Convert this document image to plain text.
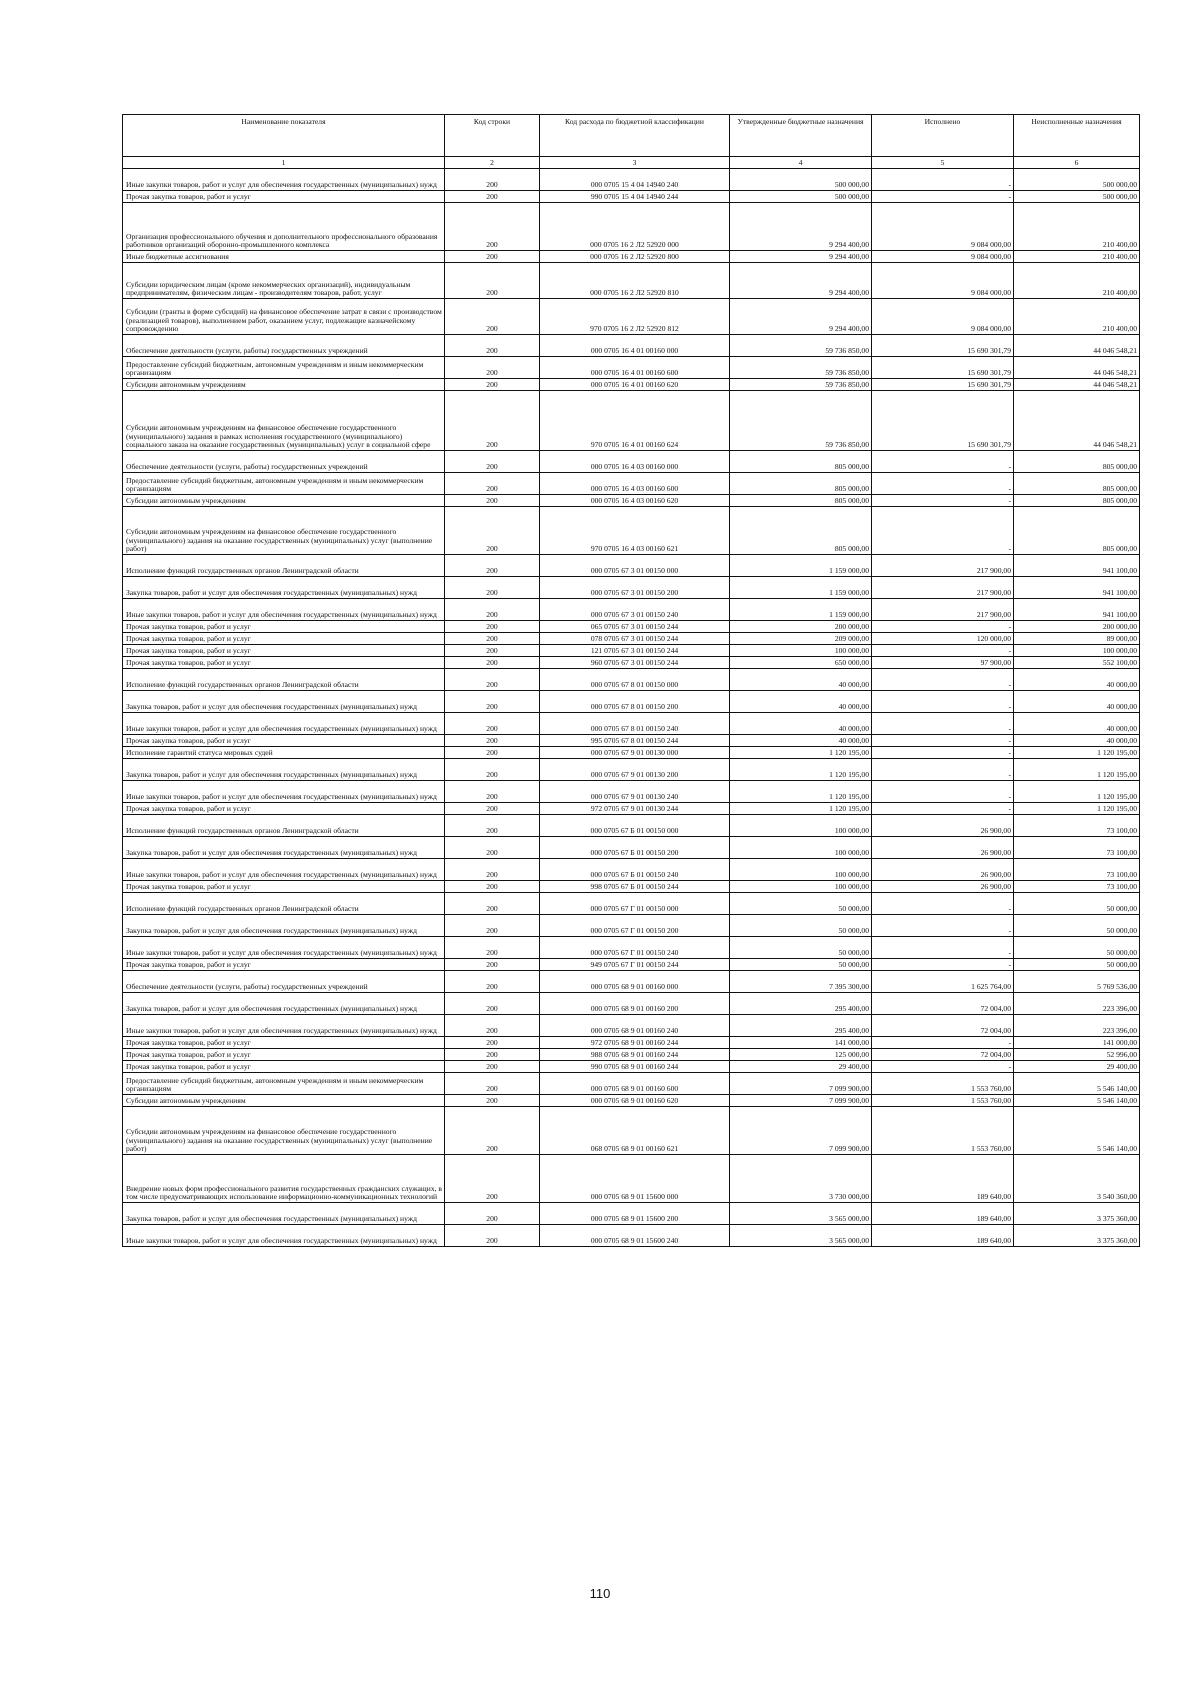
Наименование показателя	Код строки	Код расхода по бюджетной классификации	Утвержденные бюджетные назначения	Исполнено	Неисполненные назначения
1	2	3	4	5	6
Иные закупки товаров, работ и услуг для обеспечения государственных (муниципальных) нужд	200	000 0705 15 4 04 14940 240	500 000,00	-	500 000,00
Прочая закупка товаров, работ и услуг	200	990 0705 15 4 04 14940 244	500 000,00	-	500 000,00
Организация профессионального обучения и дополнительного профессионального образования работников организаций оборонно-промышленного комплекса	200	000 0705 16 2 Л2 52920 000	9 294 400,00	9 084 000,00	210 400,00
Иные бюджетные ассигнования	200	000 0705 16 2 Л2 52920 800	9 294 400,00	9 084 000,00	210 400,00
Субсидии юридическим лицам (кроме некоммерческих организаций), индивидуальным предпринимателям, физическим лицам - производителям товаров, работ, услуг	200	000 0705 16 2 Л2 52920 810	9 294 400,00	9 084 000,00	210 400,00
Субсидии (гранты в форме субсидий) на финансовое обеспечение затрат в связи с производством (реализацией товаров), выполнением работ, оказанием услуг, подлежащие казначейскому сопровождению	200	970 0705 16 2 Л2 52920 812	9 294 400,00	9 084 000,00	210 400,00
Обеспечение деятельности (услуги, работы) государственных учреждений	200	000 0705 16 4 01 00160 000	59 736 850,00	15 690 301,79	44 046 548,21
Предоставление субсидий бюджетным, автономным учреждениям и иным некоммерческим организациям	200	000 0705 16 4 01 00160 600	59 736 850,00	15 690 301,79	44 046 548,21
Субсидии автономным учреждениям	200	000 0705 16 4 01 00160 620	59 736 850,00	15 690 301,79	44 046 548,21
Субсидии автономным учреждениям на финансовое обеспечение государственного (муниципального) задания в рамках исполнения государственного (муниципального) социального заказа на оказание государственных (муниципальных) услуг в социальной сфере	200	970 0705 16 4 01 00160 624	59 736 850,00	15 690 301,79	44 046 548,21
Обеспечение деятельности (услуги, работы) государственных учреждений	200	000 0705 16 4 03 00160 000	805 000,00	-	805 000,00
Предоставление субсидий бюджетным, автономным учреждениям и иным некоммерческим организациям	200	000 0705 16 4 03 00160 600	805 000,00	-	805 000,00
Субсидии автономным учреждениям	200	000 0705 16 4 03 00160 620	805 000,00	-	805 000,00
Субсидии автономным учреждениям на финансовое обеспечение государственного (муниципального) задания на оказание государственных (муниципальных) услуг (выполнение работ)	200	970 0705 16 4 03 00160 621	805 000,00	-	805 000,00
Исполнение функций государственных органов Ленинградской области	200	000 0705 67 3 01 00150 000	1 159 000,00	217 900,00	941 100,00
Закупка товаров, работ и услуг для обеспечения государственных (муниципальных) нужд	200	000 0705 67 3 01 00150 200	1 159 000,00	217 900,00	941 100,00
Иные закупки товаров, работ и услуг для обеспечения государственных (муниципальных) нужд	200	000 0705 67 3 01 00150 240	1 159 000,00	217 900,00	941 100,00
Прочая закупка товаров, работ и услуг	200	065 0705 67 3 01 00150 244	200 000,00	-	200 000,00
Прочая закупка товаров, работ и услуг	200	078 0705 67 3 01 00150 244	209 000,00	120 000,00	89 000,00
Прочая закупка товаров, работ и услуг	200	121 0705 67 3 01 00150 244	100 000,00	-	100 000,00
Прочая закупка товаров, работ и услуг	200	960 0705 67 3 01 00150 244	650 000,00	97 900,00	552 100,00
Исполнение функций государственных органов Ленинградской области	200	000 0705 67 8 01 00150 000	40 000,00	-	40 000,00
Закупка товаров, работ и услуг для обеспечения государственных (муниципальных) нужд	200	000 0705 67 8 01 00150 200	40 000,00	-	40 000,00
Иные закупки товаров, работ и услуг для обеспечения государственных (муниципальных) нужд	200	000 0705 67 8 01 00150 240	40 000,00	-	40 000,00
Прочая закупка товаров, работ и услуг	200	995 0705 67 8 01 00150 244	40 000,00	-	40 000,00
Исполнение гарантий статуса мировых судей	200	000 0705 67 9 01 00130 000	1 120 195,00	-	1 120 195,00
Закупка товаров, работ и услуг для обеспечения государственных (муниципальных) нужд	200	000 0705 67 9 01 00130 200	1 120 195,00	-	1 120 195,00
Иные закупки товаров, работ и услуг для обеспечения государственных (муниципальных) нужд	200	000 0705 67 9 01 00130 240	1 120 195,00	-	1 120 195,00
Прочая закупка товаров, работ и услуг	200	972 0705 67 9 01 00130 244	1 120 195,00	-	1 120 195,00
Исполнение функций государственных органов Ленинградской области	200	000 0705 67 Б 01 00150 000	100 000,00	26 900,00	73 100,00
Закупка товаров, работ и услуг для обеспечения государственных (муниципальных) нужд	200	000 0705 67 Б 01 00150 200	100 000,00	26 900,00	73 100,00
Иные закупки товаров, работ и услуг для обеспечения государственных (муниципальных) нужд	200	000 0705 67 Б 01 00150 240	100 000,00	26 900,00	73 100,00
Прочая закупка товаров, работ и услуг	200	998 0705 67 Б 01 00150 244	100 000,00	26 900,00	73 100,00
Исполнение функций государственных органов Ленинградской области	200	000 0705 67 Г 01 00150 000	50 000,00	-	50 000,00
Закупка товаров, работ и услуг для обеспечения государственных (муниципальных) нужд	200	000 0705 67 Г 01 00150 200	50 000,00	-	50 000,00
Иные закупки товаров, работ и услуг для обеспечения государственных (муниципальных) нужд	200	000 0705 67 Г 01 00150 240	50 000,00	-	50 000,00
Прочая закупка товаров, работ и услуг	200	949 0705 67 Г 01 00150 244	50 000,00	-	50 000,00
Обеспечение деятельности (услуги, работы) государственных учреждений	200	000 0705 68 9 01 00160 000	7 395 300,00	1 625 764,00	5 769 536,00
Закупка товаров, работ и услуг для обеспечения государственных (муниципальных) нужд	200	000 0705 68 9 01 00160 200	295 400,00	72 004,00	223 396,00
Иные закупки товаров, работ и услуг для обеспечения государственных (муниципальных) нужд	200	000 0705 68 9 01 00160 240	295 400,00	72 004,00	223 396,00
Прочая закупка товаров, работ и услуг	200	972 0705 68 9 01 00160 244	141 000,00	-	141 000,00
Прочая закупка товаров, работ и услуг	200	988 0705 68 9 01 00160 244	125 000,00	72 004,00	52 996,00
Прочая закупка товаров, работ и услуг	200	990 0705 68 9 01 00160 244	29 400,00	-	29 400,00
Предоставление субсидий бюджетным, автономным учреждениям и иным некоммерческим организациям	200	000 0705 68 9 01 00160 600	7 099 900,00	1 553 760,00	5 546 140,00
Субсидии автономным учреждениям	200	000 0705 68 9 01 00160 620	7 099 900,00	1 553 760,00	5 546 140,00
Субсидии автономным учреждениям на финансовое обеспечение государственного (муниципального) задания на оказание государственных (муниципальных) услуг (выполнение работ)	200	068 0705 68 9 01 00160 621	7 099 900,00	1 553 760,00	5 546 140,00
Внедрение новых форм профессионального развития государственных гражданских служащих, в том числе предусматривающих использование информационно-коммуникационных технологий	200	000 0705 68 9 01 15600 000	3 730 000,00	189 640,00	3 540 360,00
Закупка товаров, работ и услуг для обеспечения государственных (муниципальных) нужд	200	000 0705 68 9 01 15600 200	3 565 000,00	189 640,00	3 375 360,00
Иные закупки товаров, работ и услуг для обеспечения государственных (муниципальных) нужд	200	000 0705 68 9 01 15600 240	3 565 000,00	189 640,00	3 375 360,00
110
